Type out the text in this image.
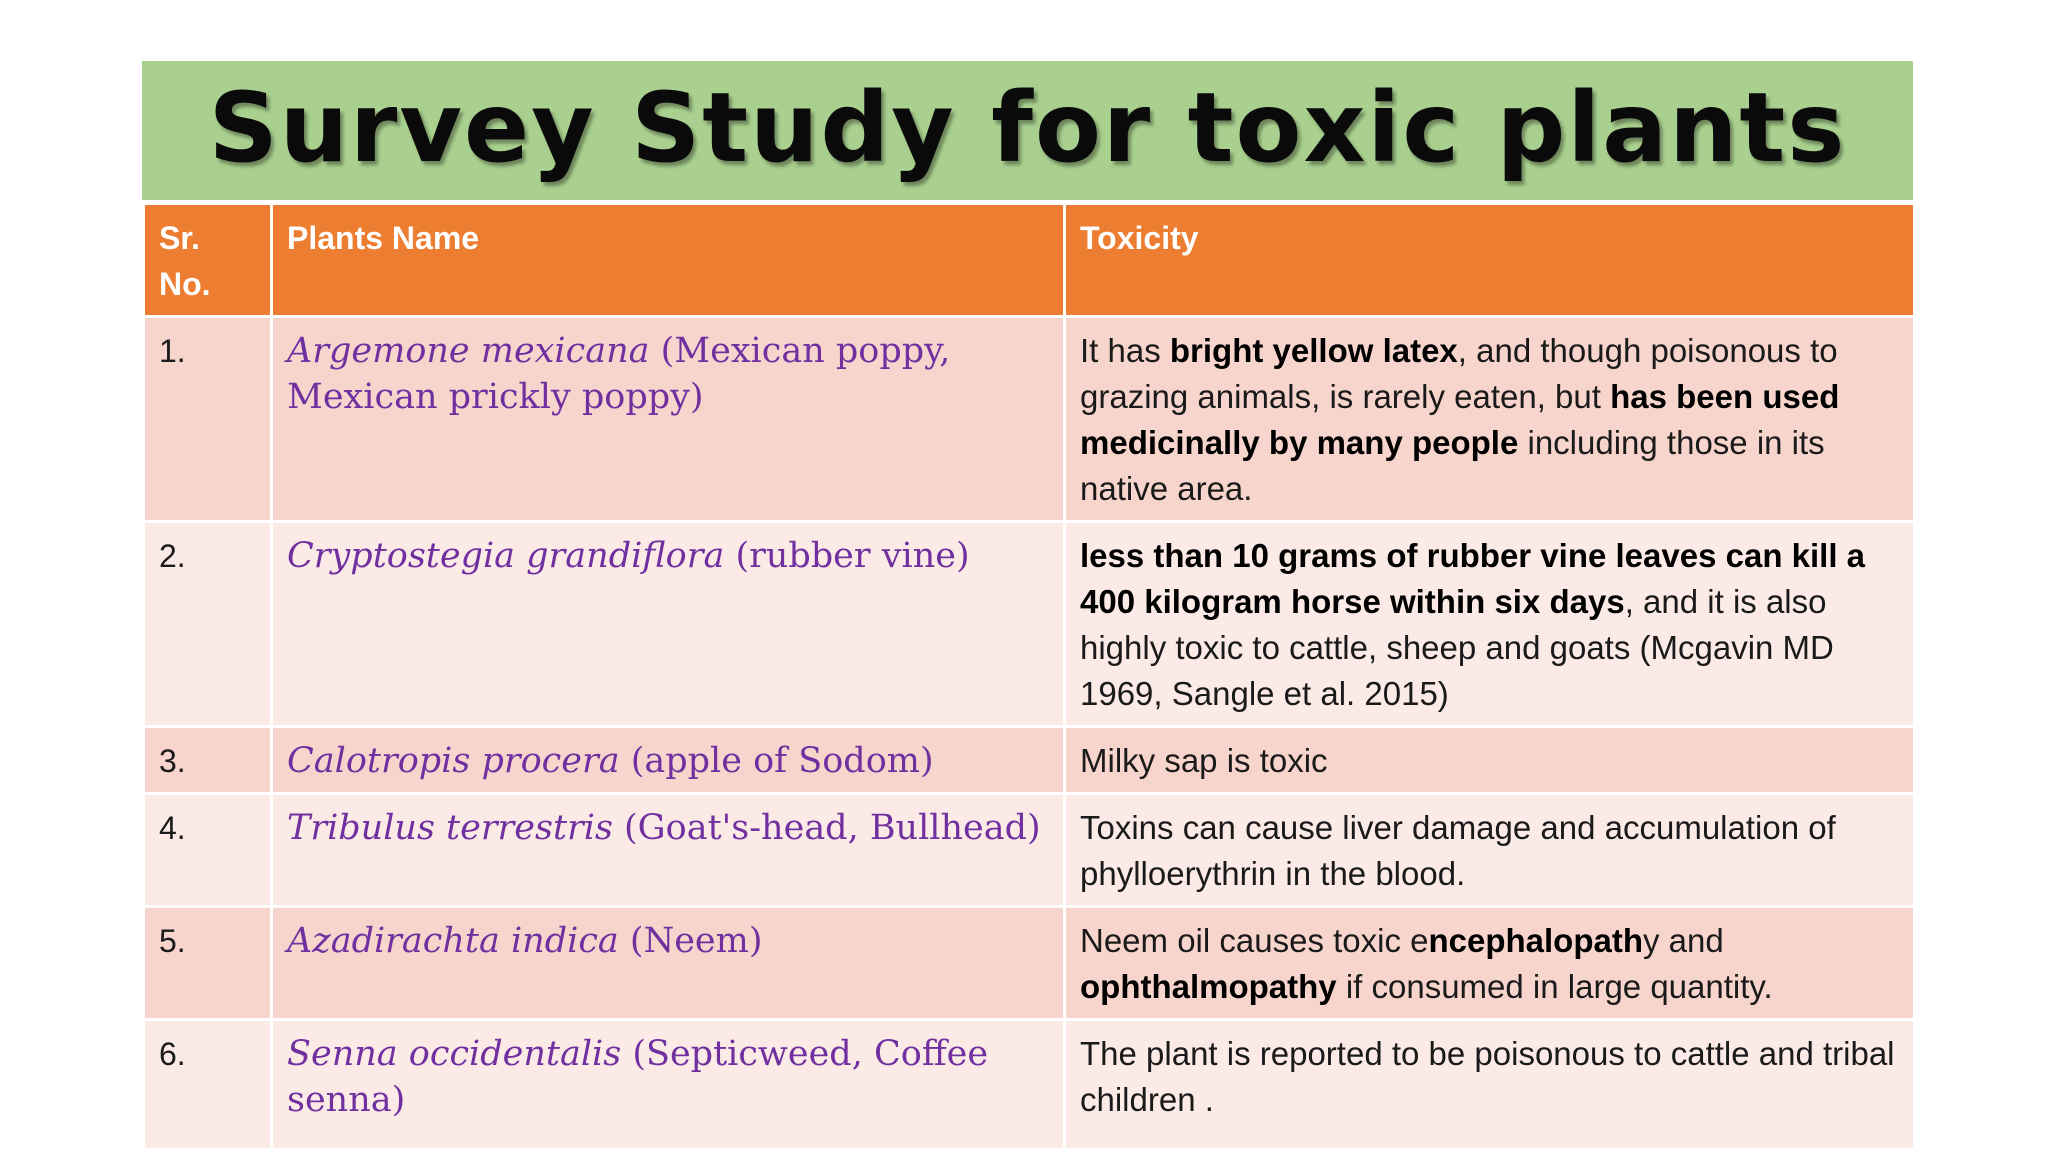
Survey Study for toxic plants
Sr.
No.	Plants Name	Toxicity
1.	Argemone mexicana (Mexican poppy, Mexican prickly poppy)	It has bright yellow latex, and though poisonous to grazing animals, is rarely eaten, but has been used medicinally by many people including those in its native area.
2.	Cryptostegia grandiflora (rubber vine)	less than 10 grams of rubber vine leaves can kill a 400 kilogram horse within six days, and it is also highly toxic to cattle, sheep and goats (Mcgavin MD 1969, Sangle et al. 2015)
3.	Calotropis procera (apple of Sodom)	Milky sap is toxic
4.	Tribulus terrestris (Goat's-head, Bullhead)	Toxins can cause liver damage and accumulation of phylloerythrin in the blood.
5.	Azadirachta indica (Neem)	Neem oil causes toxic encephalopathy and ophthalmopathy if consumed in large quantity.
6.	Senna occidentalis (Septicweed, Coffee senna)	The plant is reported to be poisonous to cattle and tribal children .
